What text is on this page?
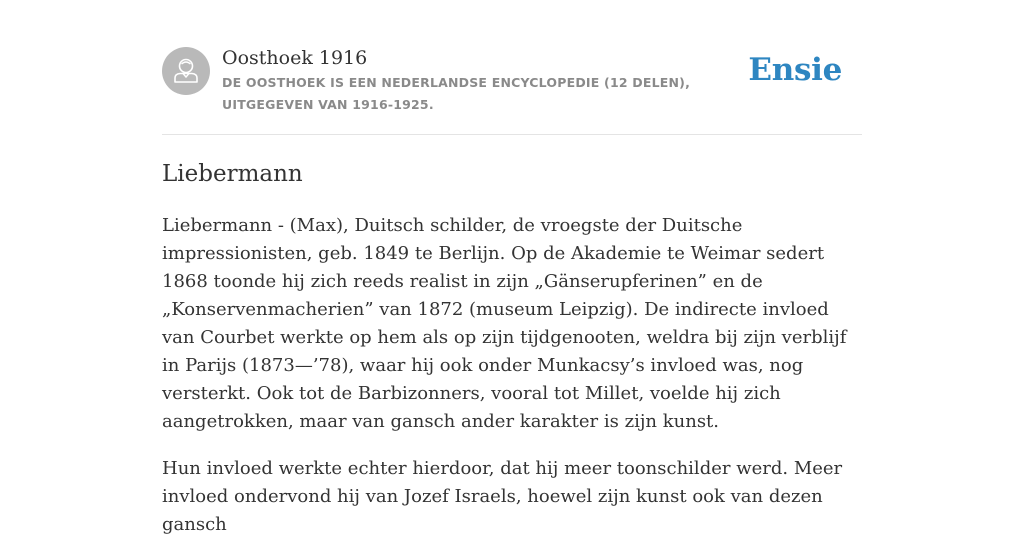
Oosthoek 1916

DE OOSTHOEK IS EEN NEDERLANDSE ENCYCLOPEDIE (12 DELEN), UITGEGEVEN VAN 1916-1925.

Ensie
Liebermann

Liebermann - (Max), Duitsch schilder, de vroegste der Duitsche impressionisten, geb. 1849 te Berlijn. Op de Akademie te Weimar sedert 1868 toonde hij zich reeds realist in zijn „Gänserupferinen” en de „Konservenmacherien” van 1872 (museum Leipzig). De indirecte invloed van Courbet werkte op hem als op zijn tijdgenooten, weldra bij zijn verblijf in Parijs (1873—’78), waar hij ook onder Munkacsy’s invloed was, nog versterkt. Ook tot de Barbizonners, vooral tot Millet, voelde hij zich aangetrokken, maar van gansch ander karakter is zijn kunst.

Hun invloed werkte echter hierdoor, dat hij meer toonschilder werd. Meer invloed ondervond hij van Jozef Israels, hoewel zijn kunst ook van dezen gansch
